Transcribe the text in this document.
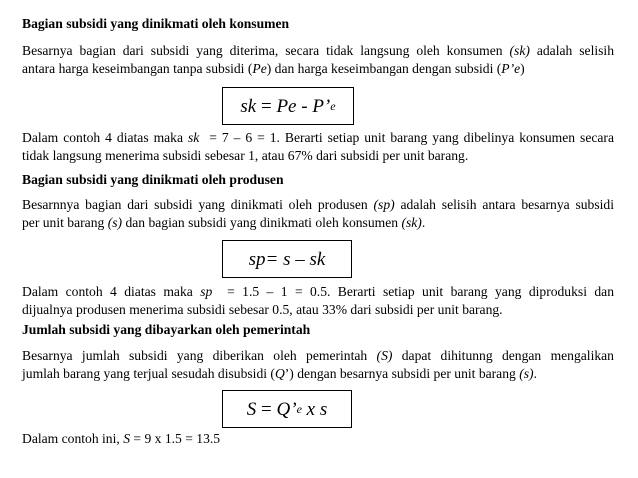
Bagian subsidi yang dinikmati oleh konsumen
Besarnya bagian dari subsidi yang diterima, secara tidak langsung oleh konsumen (sk) adalah selisih
antara harga keseimbangan tanpa subsidi (Pe) dan harga keseimbangan dengan subsidi (P’e)
sk = Pe - P’ e
Dalam contoh 4 diatas maka sk  = 7 – 6 = 1. Berarti setiap unit barang yang dibelinya konsumen secara
tidak langsung menerima subsidi sebesar 1, atau 67% dari subsidi per unit barang.
Bagian subsidi yang dinikmati oleh produsen
Besarnnya bagian dari subsidi yang dinikmati oleh produsen (sp) adalah selisih antara besarnya subsidi
per unit barang (s) dan bagian subsidi yang dinikmati oleh konsumen (sk).
sp= s – sk
Dalam contoh 4 diatas maka sp  = 1.5 – 1 = 0.5. Berarti setiap unit barang yang diproduksi dan
dijualnya produsen menerima subsidi sebesar 0.5, atau 33% dari subsidi per unit barang.
Jumlah subsidi yang dibayarkan oleh pemerintah
Besarnya jumlah subsidi yang diberikan oleh pemerintah (S) dapat dihitunng dengan mengalikan
jumlah barang yang terjual sesudah disubsidi (Q’) dengan besarnya subsidi per unit barang (s).
S = Q’ e x s
Dalam contoh ini, S = 9 x 1.5 = 13.5
